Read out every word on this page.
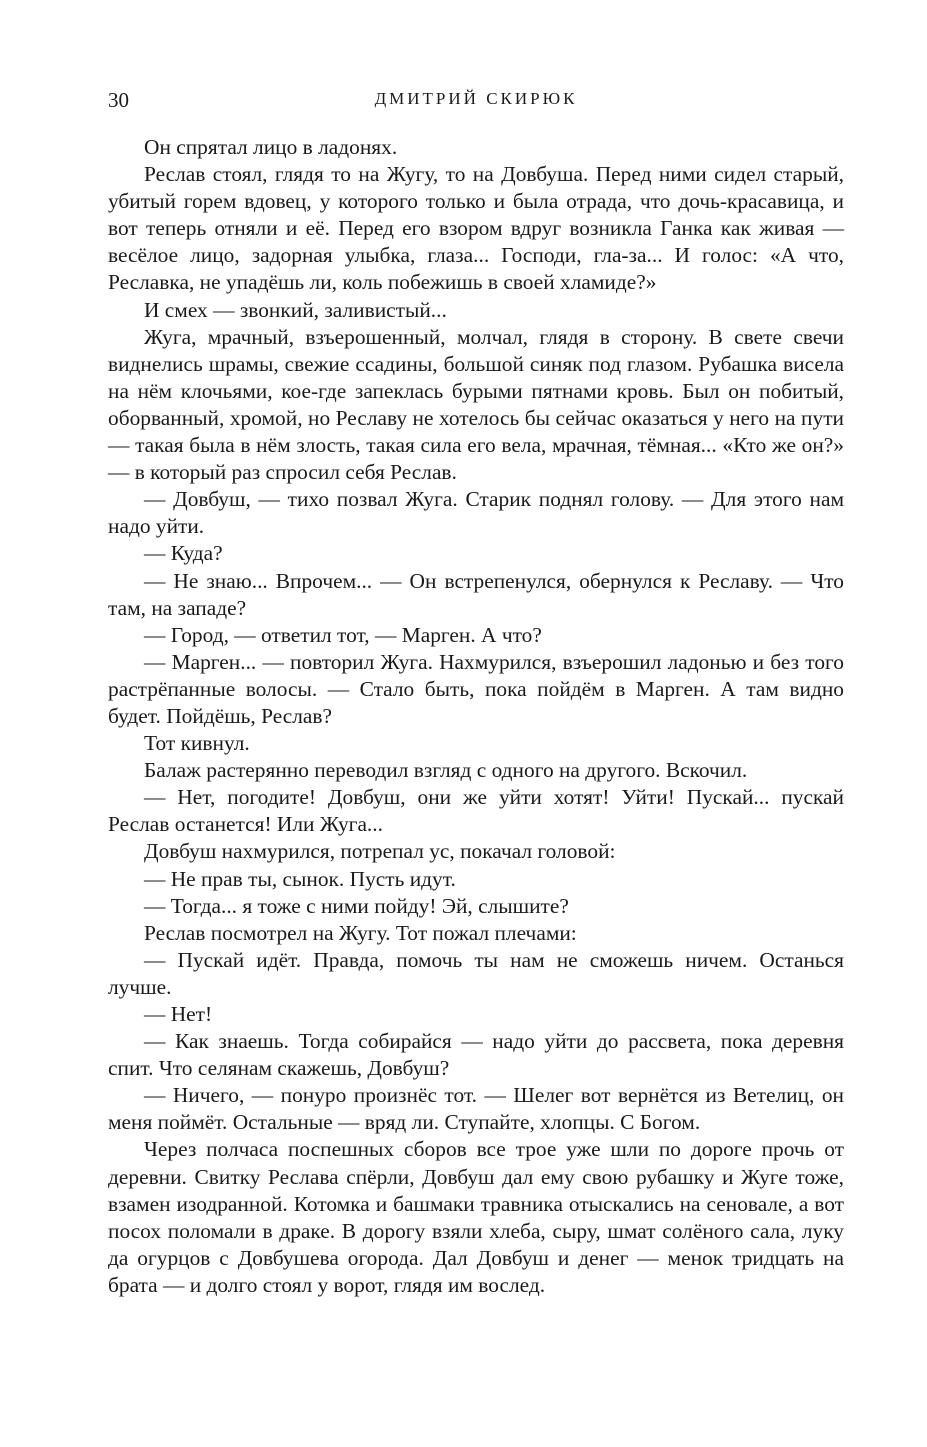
30	ДМИТРИЙ СКИРЮК

Он спрятал лицо в ладонях.

Реслав стоял, глядя то на Жугу, то на Довбуша. Перед ними сидел старый, убитый горем вдовец, у которого только и была отрада, что дочь-красавица, и вот теперь отняли и её. Перед его взором вдруг возникла Ганка как живая — весёлое лицо, задорная улыбка, глаза... Господи, гла-за... И голос: «А что, Реславка, не упадёшь ли, коль побежишь в своей хламиде?»

И смех — звонкий, заливистый...

Жуга, мрачный, взъерошенный, молчал, глядя в сторону. В свете свечи виднелись шрамы, свежие ссадины, большой синяк под глазом. Рубашка висела на нём клочьями, кое-где запеклась бурыми пятнами кровь. Был он побитый, оборванный, хромой, но Реславу не хотелось бы сейчас оказаться у него на пути — такая была в нём злость, такая сила его вела, мрачная, тёмная... «Кто же он?» — в который раз спросил себя Реслав.

— Довбуш, — тихо позвал Жуга. Старик поднял голову. — Для этого нам надо уйти.

— Куда?

— Не знаю... Впрочем... — Он встрепенулся, обернулся к Реславу. — Что там, на западе?

— Город, — ответил тот, — Марген. А что?

— Марген... — повторил Жуга. Нахмурился, взъерошил ладонью и без того растрёпанные волосы. — Стало быть, пока пойдём в Марген. А там видно будет. Пойдёшь, Реслав?

Тот кивнул.

Балаж растерянно переводил взгляд с одного на другого. Вскочил.

— Нет, погодите! Довбуш, они же уйти хотят! Уйти! Пускай... пускай Реслав останется! Или Жуга...

Довбуш нахмурился, потрепал ус, покачал головой:

— Не прав ты, сынок. Пусть идут.

— Тогда... я тоже с ними пойду! Эй, слышите?

Реслав посмотрел на Жугу. Тот пожал плечами:

— Пускай идёт. Правда, помочь ты нам не сможешь ничем. Останься лучше.

— Нет!

— Как знаешь. Тогда собирайся — надо уйти до рассвета, пока деревня спит. Что селянам скажешь, Довбуш?

— Ничего, — понуро произнёс тот. — Шелег вот вернётся из Ветелиц, он меня поймёт. Остальные — вряд ли. Ступайте, хлопцы. С Богом.

Через полчаса поспешных сборов все трое уже шли по дороге прочь от деревни. Свитку Реслава спёрли, Довбуш дал ему свою рубашку и Жуге тоже, взамен изодранной. Котомка и башмаки травника отыскались на сеновале, а вот посох поломали в драке. В дорогу взяли хлеба, сыру, шмат солёного сала, луку да огурцов с Довбушева огорода. Дал Довбуш и денег — менок тридцать на брата — и долго стоял у ворот, глядя им вослед.
